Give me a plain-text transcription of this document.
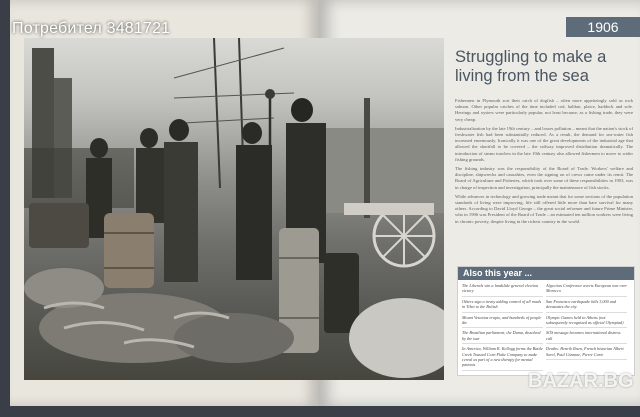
Потребител 3481721	1906
Struggling to make a living from the sea

Fishermen in Plymouth sort their catch of dogfish – often more appetizingly sold as rock salmon. Other popular catches of the time included cod, halibut, plaice, haddock and sole. Herrings and oysters were particularly popular, not least because, as a fishing trade, they were very cheap.

Industrialization by the late 19th century – and losses pollution – meant that the nation's stock of freshwater fish had been substantially reduced. As a result, the demand for sea-water fish increased enormously. Ironically it was one of the great developments of the industrial age that allowed the shortfall to be covered – the railway improved distribution dramatically. The introduction of steam trawlers in the late 19th century also allowed fishermen to move to wider fishing grounds.

The fishing industry was the responsibility of the Board of Trade. Workers' welfare and discipline, shipwrecks and casualties, even the signing on of crews came under its remit. The Board of Agriculture and Fisheries, which took over some of these responsibilities in 1903, was in charge of inspection and investigation, principally the maintenance of fish stocks.

While advances in technology and growing trade meant that for some sections of the population standards of living were improving, life still offered little more than bare survival for many others. According to David Lloyd George – the great social reformer and future Prime Minister, who in 1906 was President of the Board of Trade – an estimated ten million workers were living in chronic poverty, despite living in the richest country in the world.

Also this year ...
The Liberals win a landslide general election victory
Others sign a treaty adding control of all roads in Tibet to the British
Mount Vesuvius erupts, and hundreds of people die
The Brazilian parliament, the Duma, dissolved by the tsar
In America, William K. Kellogg forms the Battle Creek Toasted Corn Flake Company to make cereal as part of a new therapy for mental patients
Algeciras Conference averts European war over Morocco
San Francisco earthquake kills 3,000 and devastates the city
Olympic Games held in Athens (not subsequently recognized as official Olympiad)
SOS message becomes international distress call
Deaths: Henrik Ibsen, French historian Albert Sorel, Paul Cézanne, Pierre Curie
BAZAR.BG
